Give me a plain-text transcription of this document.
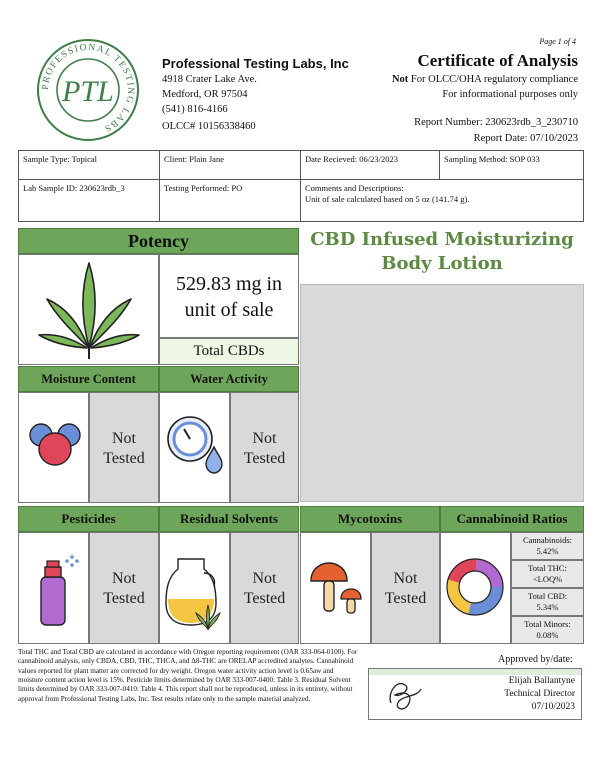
PROFESSIONAL TESTING LABS
PTL
Professional Testing Labs, Inc
4918 Crater Lake Ave.
Medford, OR 97504
(541) 816-4166
OLCC# 10156338460
Page 1 of 4
Certificate of Analysis
Not For OLCC/OHA regulatory compliance
For informational purposes only
Report Number: 230623rdb_3_230710
Report Date: 07/10/2023
Sample Type: Topical	Client: Plain Jane	Date Recieved: 06/23/2023	Sampling Method: SOP 033
Lab Sample ID: 230623rdb_3	Testing Performed: PO	Comments and Descriptions:
Unit of sale calculated based on 5 oz (141.74 g).
Potency
529.83 mg in
unit of sale
Total CBDs
CBD Infused Moisturizing
Body Lotion
Moisture Content	Water Activity
Not
Tested
Not
Tested
Pesticides	Residual Solvents	Mycotoxins	Cannabinoid Ratios
Not
Tested
Not
Tested
Not
Tested
Cannabinoids:
5.42%
Total THC:
<LOQ%
Total CBD:
5.34%
Total Minors:
0.08%
Total THC and Total CBD are calculated in accordance with Oregon reporting requirement (OAR 333-064-0100). For cannabinoid analysis, only CBDA, CBD, THC, THCA, and Δ8-THC are ORELAP accredited analytes. Cannabinoid values reported for plant matter are corrected for dry weight. Oregon water activity action level is 0.65aw and moisture content action level is 15%. Pesticide limits determined by OAR 333-007-0400: Table 3. Residual Solvent limits determined by OAR 333-007-0410: Table 4. This report shall not be reproduced, unless in its entirety, without approval from Professional Testing Labs, Inc. Test results relate only to the sample material analyzed.
Approved by/date:
Elijah Ballantyne
Technical Director
07/10/2023
